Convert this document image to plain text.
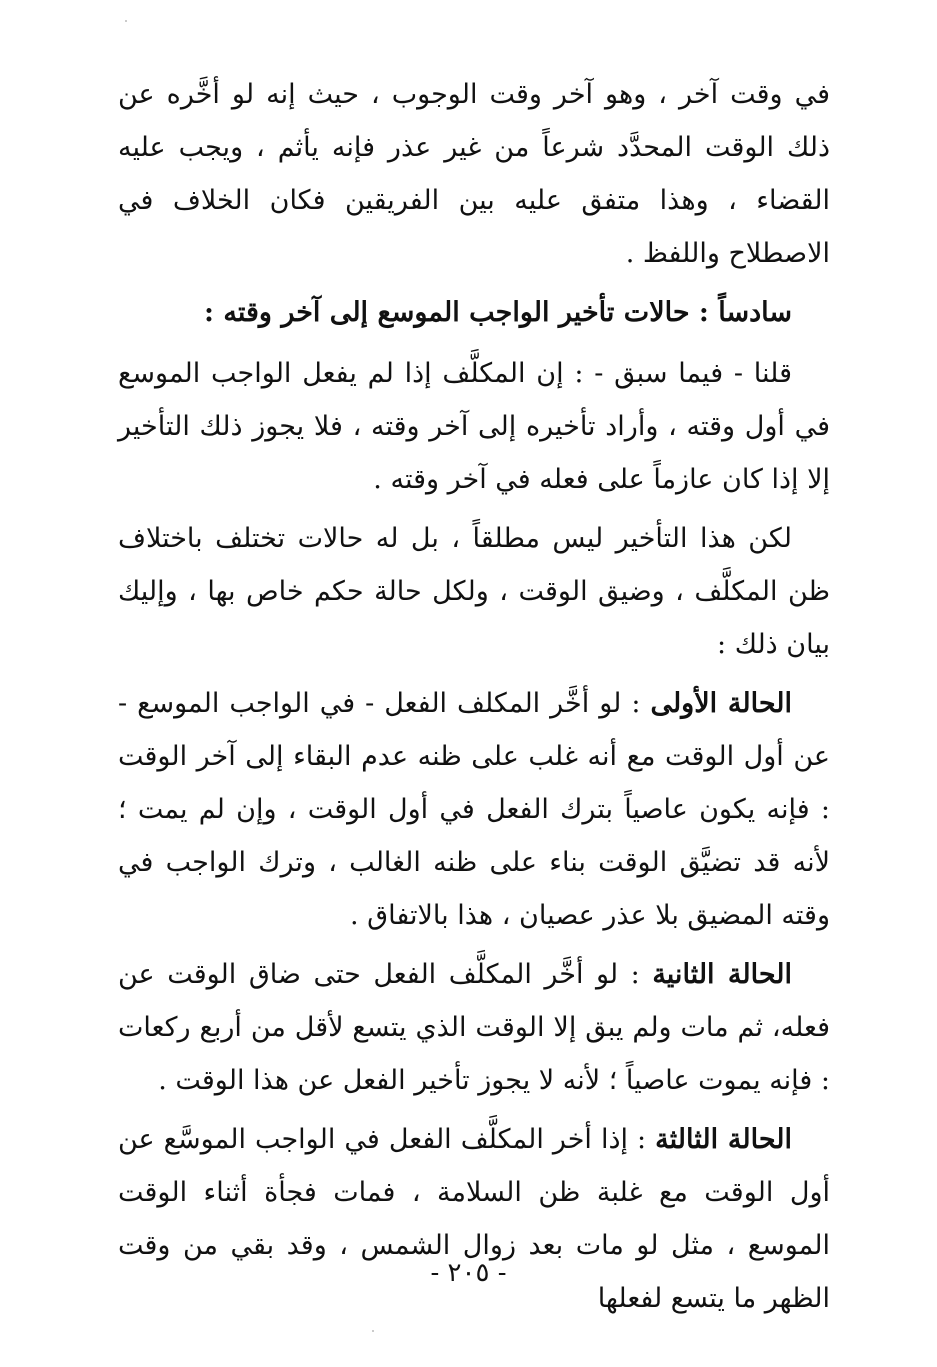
في وقت آخر ، وهو آخر وقت الوجوب ، حيث إنه لو أخَّره عن ذلك الوقت المحدَّد شرعاً من غير عذر فإنه يأثم ، ويجب عليه القضاء ، وهذا متفق عليه بين الفريقين فكان الخلاف في الاصطلاح واللفظ .

سادساً : حالات تأخير الواجب الموسع إلى آخر وقته :

قلنا - فيما سبق - : إن المكلَّف إذا لم يفعل الواجب الموسع في أول وقته ، وأراد تأخيره إلى آخر وقته ، فلا يجوز ذلك التأخير إلا إذا كان عازماً على فعله في آخر وقته .

لكن هذا التأخير ليس مطلقاً ، بل له حالات تختلف باختلاف ظن المكلَّف ، وضيق الوقت ، ولكل حالة حكم خاص بها ، وإليك بيان ذلك :

الحالة الأولى : لو أخَّر المكلف الفعل - في الواجب الموسع - عن أول الوقت مع أنه غلب على ظنه عدم البقاء إلى آخر الوقت : فإنه يكون عاصياً بترك الفعل في أول الوقت ، وإن لم يمت ؛ لأنه قد تضيَّق الوقت بناء على ظنه الغالب ، وترك الواجب في وقته المضيق بلا عذر عصيان ، هذا بالاتفاق .

الحالة الثانية : لو أخَّر المكلَّف الفعل حتى ضاق الوقت عن فعله، ثم مات ولم يبق إلا الوقت الذي يتسع لأقل من أربع ركعات : فإنه يموت عاصياً ؛ لأنه لا يجوز تأخير الفعل عن هذا الوقت .

الحالة الثالثة : إذا أخر المكلَّف الفعل في الواجب الموسَّع عن أول الوقت مع غلبة ظن السلامة ، فمات فجأة أثناء الوقت الموسع ، مثل لو مات بعد زوال الشمس ، وقد بقي من وقت الظهر ما يتسع لفعلها

- ٢٠٥ -
